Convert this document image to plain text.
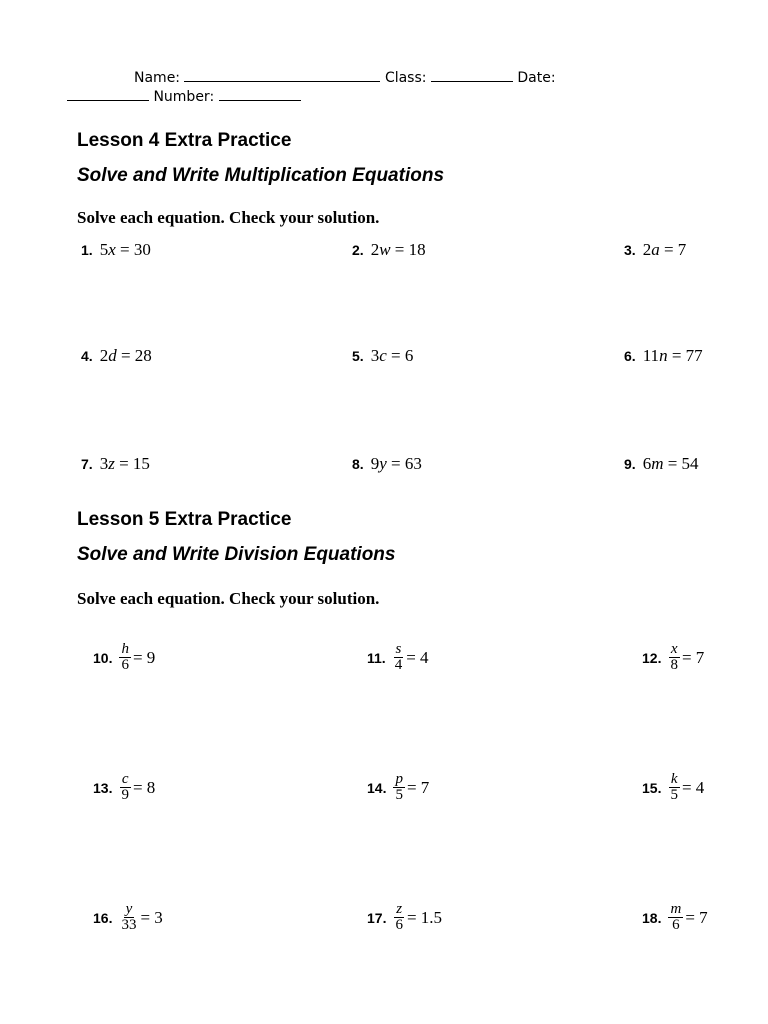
Name:	Class:	Date:
Number:
Lesson 4 Extra Practice
Solve and Write Multiplication Equations
Solve each equation. Check your solution.
1. 5x = 30	2. 2w = 18	3. 2a = 7
4. 2d = 28	5. 3c = 6	6. 11n = 77
7. 3z = 15	8. 9y = 63	9. 6m = 54
Lesson 5 Extra Practice
Solve and Write Division Equations
Solve each equation. Check your solution.
10. $\frac{h}{6} = 9$	11. $\frac{s}{4} = 4$	12. $\frac{x}{8} = 7$
13. $\frac{c}{9} = 8$	14. $\frac{p}{5} = 7$	15. $\frac{k}{5} = 4$
16. $\frac{y}{33} = 3$	17. $\frac{z}{6} = 1.5$	18. $\frac{m}{6} = 7$
